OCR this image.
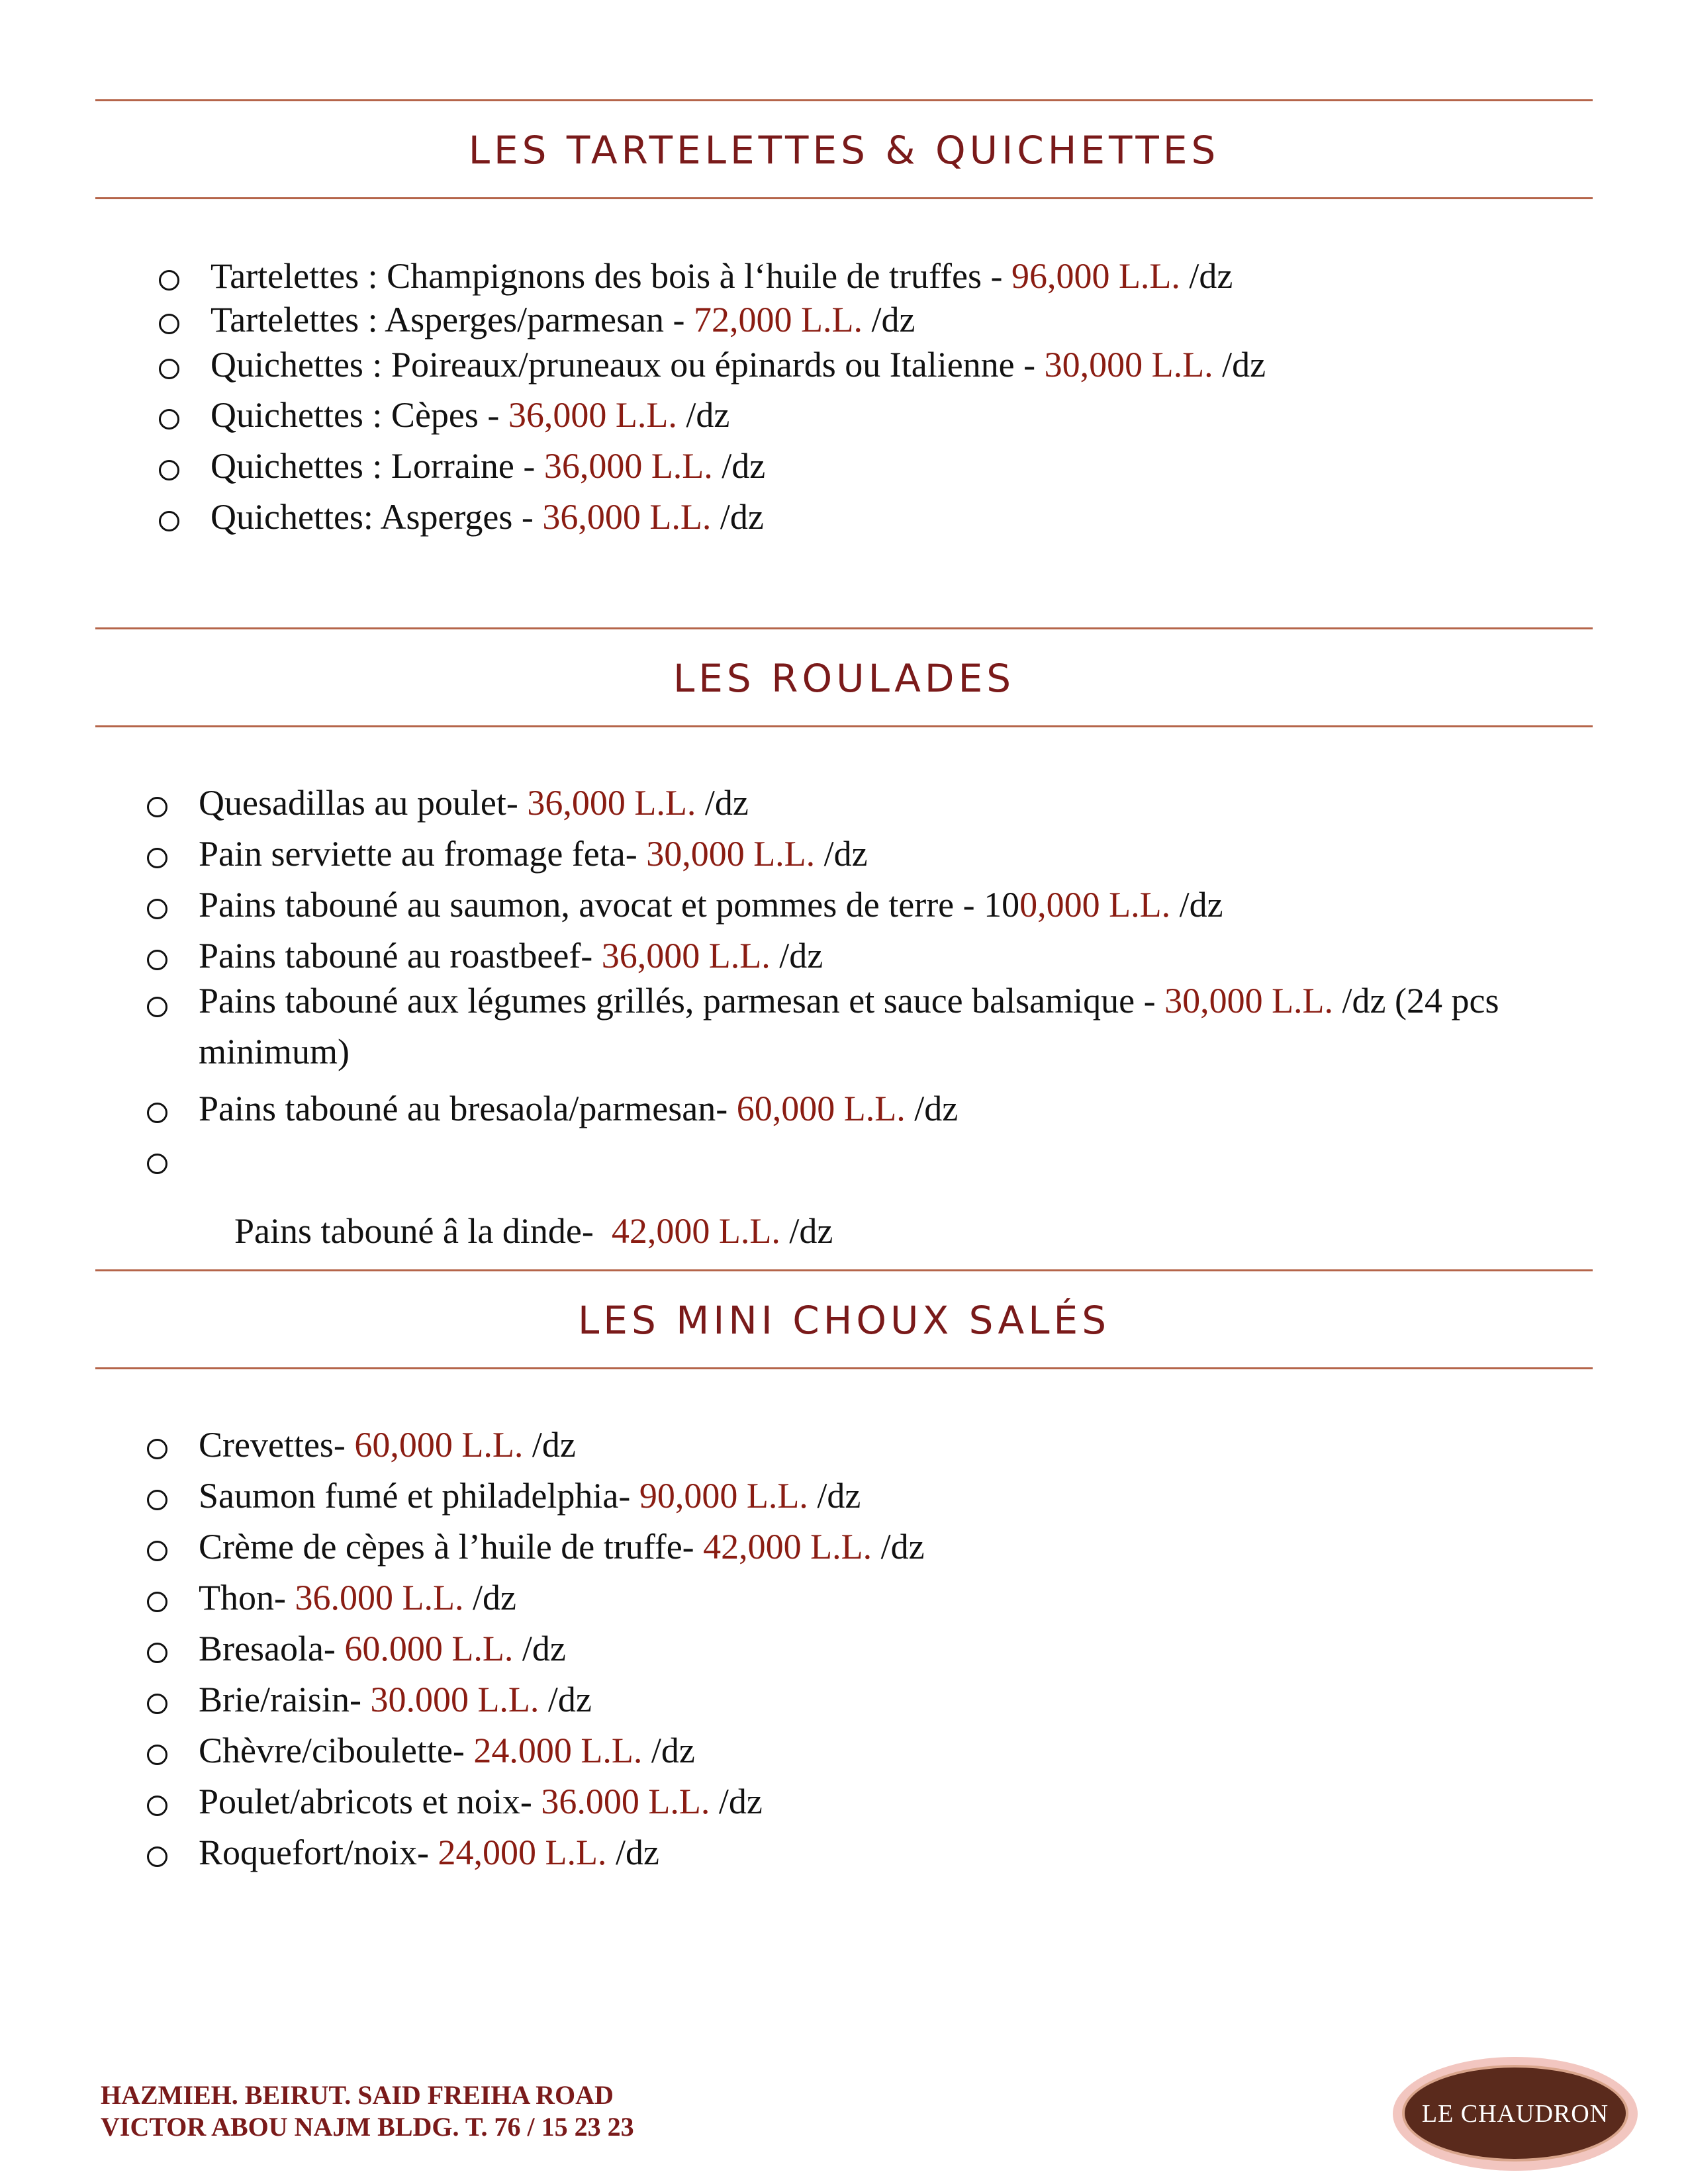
LES TARTELETTES & QUICHETTES
Tartelettes : Champignons des bois à l‘huile de truffes - 96,000 L.L. /dz
Tartelettes : Asperges/parmesan - 72,000 L.L. /dz
Quichettes : Poireaux/pruneaux ou épinards ou Italienne - 30,000 L.L. /dz
Quichettes : Cèpes - 36,000 L.L. /dz
Quichettes : Lorraine - 36,000 L.L. /dz
Quichettes: Asperges - 36,000 L.L. /dz
LES ROULADES
Quesadillas au poulet- 36,000 L.L. /dz
Pain serviette au fromage feta- 30,000 L.L. /dz
Pains tabouné au saumon, avocat et pommes de terre - 100,000 L.L. /dz
Pains tabouné au roastbeef- 36,000 L.L. /dz
Pains tabouné aux légumes grillés, parmesan et sauce balsamique - 30,000 L.L. /dz (24 pcs minimum)
Pains tabouné au bresaola/parmesan- 60,000 L.L. /dz

Pains tabouné â la dinde-  42,000 L.L. /dz

LES MINI CHOUX SALÉS
Crevettes- 60,000 L.L. /dz
Saumon fumé et philadelphia- 90,000 L.L. /dz
Crème de cèpes à l’huile de truffe- 42,000 L.L. /dz
Thon- 36.000 L.L. /dz
Bresaola- 60.000 L.L. /dz
Brie/raisin- 30.000 L.L. /dz
Chèvre/ciboulette- 24.000 L.L. /dz
Poulet/abricots et noix- 36.000 L.L. /dz
Roquefort/noix- 24,000 L.L. /dz
HAZMIEH. BEIRUT. SAID FREIHA ROAD
VICTOR ABOU NAJM BLDG. T. 76 / 15 23 23	LE CHAUDRON
